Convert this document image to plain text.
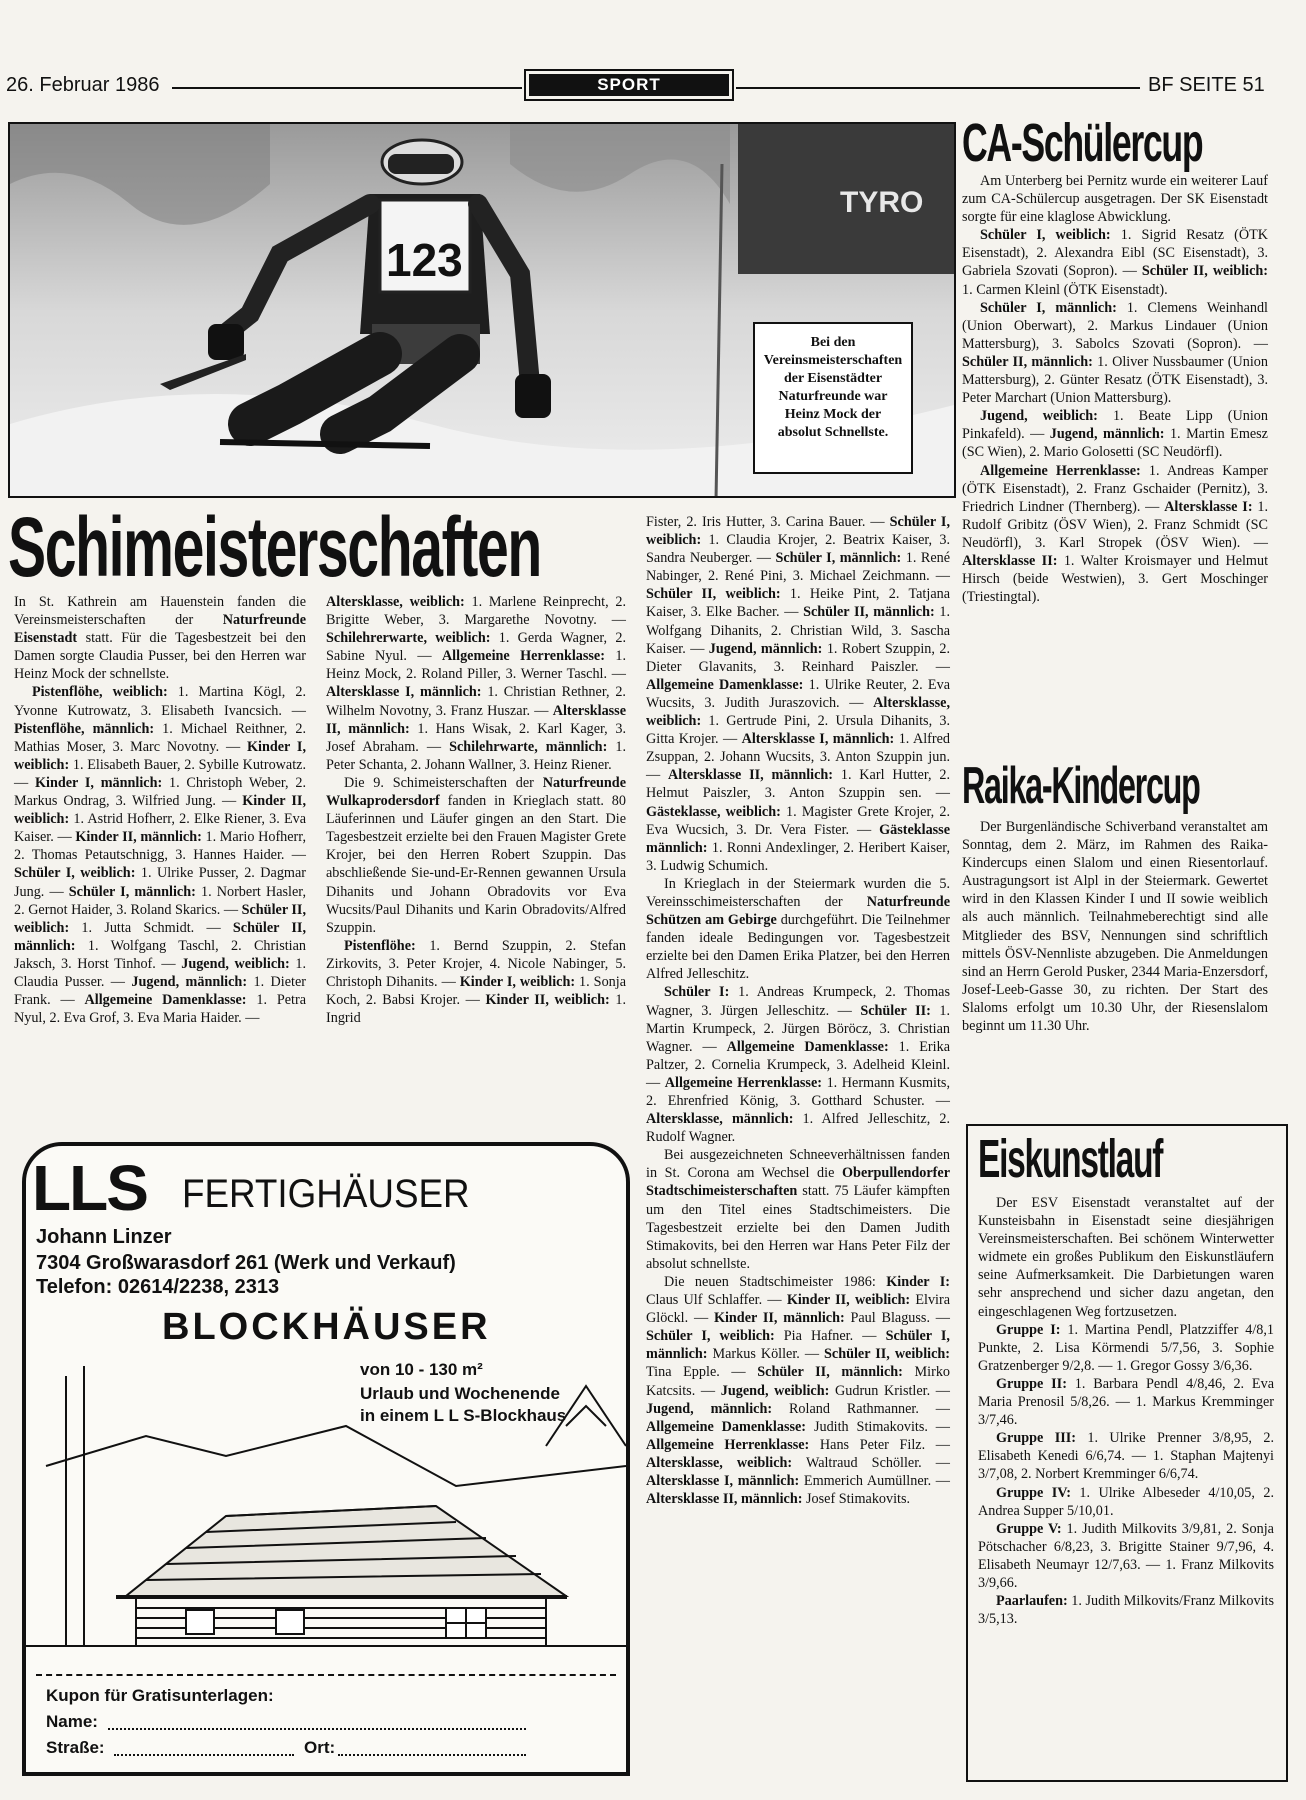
26. Februar 1986	SPORT	BF SEITE 51
TYRO
123
Bei den Vereinsmeisterschaften der Eisenstädter Naturfreunde war Heinz Mock der absolut Schnellste.
Schimeisterschaften

In St. Kathrein am Hauenstein fanden die Vereinsmeisterschaften der Naturfreunde Eisenstadt statt. Für die Tagesbestzeit bei den Damen sorgte Claudia Pusser, bei den Herren war Heinz Mock der schnellste.

Pistenflöhe, weiblich: 1. Martina Kögl, 2. Yvonne Kutrowatz, 3. Elisabeth Ivancsich. — Pistenflöhe, männlich: 1. Michael Reithner, 2. Mathias Moser, 3. Marc Novotny. — Kinder I, weiblich: 1. Elisabeth Bauer, 2. Sybille Kutrowatz. — Kinder I, männlich: 1. Christoph Weber, 2. Markus Ondrag, 3. Wilfried Jung. — Kinder II, weiblich: 1. Astrid Hofherr, 2. Elke Riener, 3. Eva Kaiser. — Kinder II, männlich: 1. Mario Hofherr, 2. Thomas Petautschnigg, 3. Hannes Haider. — Schüler I, weiblich: 1. Ulrike Pusser, 2. Dagmar Jung. — Schüler I, männlich: 1. Norbert Hasler, 2. Gernot Haider, 3. Roland Skarics. — Schüler II, weiblich: 1. Jutta Schmidt. — Schüler II, männlich: 1. Wolfgang Taschl, 2. Christian Jaksch, 3. Horst Tinhof. — Jugend, weiblich: 1. Claudia Pusser. — Jugend, männlich: 1. Dieter Frank. — Allgemeine Damenklasse: 1. Petra Nyul, 2. Eva Grof, 3. Eva Maria Haider. —

Altersklasse, weiblich: 1. Marlene Reinprecht, 2. Brigitte Weber, 3. Margarethe Novotny. — Schilehrerwarte, weiblich: 1. Gerda Wagner, 2. Sabine Nyul. — Allgemeine Herrenklasse: 1. Heinz Mock, 2. Roland Piller, 3. Werner Taschl. — Altersklasse I, männlich: 1. Christian Rethner, 2. Wilhelm Novotny, 3. Franz Huszar. — Altersklasse II, männlich: 1. Hans Wisak, 2. Karl Kager, 3. Josef Abraham. — Schilehrwarte, männlich: 1. Peter Schanta, 2. Johann Wallner, 3. Heinz Riener.

Die 9. Schimeisterschaften der Naturfreunde Wulkaprodersdorf fanden in Krieglach statt. 80 Läuferinnen und Läufer gingen an den Start. Die Tagesbestzeit erzielte bei den Frauen Magister Grete Krojer, bei den Herren Robert Szuppin. Das abschließende Sie-und-Er-Rennen gewannen Ursula Dihanits und Johann Obradovits vor Eva Wucsits/Paul Dihanits und Karin Obradovits/Alfred Szuppin.

Pistenflöhe: 1. Bernd Szuppin, 2. Stefan Zirkovits, 3. Peter Krojer, 4. Nicole Nabinger, 5. Christoph Dihanits. — Kinder I, weiblich: 1. Sonja Koch, 2. Babsi Krojer. — Kinder II, weiblich: 1. Ingrid

Fister, 2. Iris Hutter, 3. Carina Bauer. — Schüler I, weiblich: 1. Claudia Krojer, 2. Beatrix Kaiser, 3. Sandra Neuberger. — Schüler I, männlich: 1. René Nabinger, 2. René Pini, 3. Michael Zeichmann. — Schüler II, weiblich: 1. Heike Pint, 2. Tatjana Kaiser, 3. Elke Bacher. — Schüler II, männlich: 1. Wolfgang Dihanits, 2. Christian Wild, 3. Sascha Kaiser. — Jugend, männlich: 1. Robert Szuppin, 2. Dieter Glavanits, 3. Reinhard Paiszler. — Allgemeine Damenklasse: 1. Ulrike Reuter, 2. Eva Wucsits, 3. Judith Juraszovich. — Altersklasse, weiblich: 1. Gertrude Pini, 2. Ursula Dihanits, 3. Gitta Krojer. — Altersklasse I, männlich: 1. Alfred Zsuppan, 2. Johann Wucsits, 3. Anton Szuppin jun. — Altersklasse II, männlich: 1. Karl Hutter, 2. Helmut Paiszler, 3. Anton Szuppin sen. — Gästeklasse, weiblich: 1. Magister Grete Krojer, 2. Eva Wucsich, 3. Dr. Vera Fister. — Gästeklasse männlich: 1. Ronni Andexlinger, 2. Heribert Kaiser, 3. Ludwig Schumich.

In Krieglach in der Steiermark wurden die 5. Vereinsschimeisterschaften der Naturfreunde Schützen am Gebirge durchgeführt. Die Teilnehmer fanden ideale Bedingungen vor. Tagesbestzeit erzielte bei den Damen Erika Platzer, bei den Herren Alfred Jelleschitz.

Schüler I: 1. Andreas Krumpeck, 2. Thomas Wagner, 3. Jürgen Jelleschitz. — Schüler II: 1. Martin Krumpeck, 2. Jürgen Böröcz, 3. Christian Wagner. — Allgemeine Damenklasse: 1. Erika Paltzer, 2. Cornelia Krumpeck, 3. Adelheid Kleinl. — Allgemeine Herrenklasse: 1. Hermann Kusmits, 2. Ehrenfried König, 3. Gotthard Schuster. — Altersklasse, männlich: 1. Alfred Jelleschitz, 2. Rudolf Wagner.

Bei ausgezeichneten Schneeverhältnissen fanden in St. Corona am Wechsel die Oberpullendorfer Stadtschimeisterschaften statt. 75 Läufer kämpften um den Titel eines Stadtschimeisters. Die Tagesbestzeit erzielte bei den Damen Judith Stimakovits, bei den Herren war Hans Peter Filz der absolut schnellste.

Die neuen Stadtschimeister 1986: Kinder I: Claus Ulf Schlaffer. — Kinder II, weiblich: Elvira Glöckl. — Kinder II, männlich: Paul Blaguss. — Schüler I, weiblich: Pia Hafner. — Schüler I, männlich: Markus Köller. — Schüler II, weiblich: Tina Epple. — Schüler II, männlich: Mirko Katcsits. — Jugend, weiblich: Gudrun Kristler. — Jugend, männlich: Roland Rathmanner. — Allgemeine Damenklasse: Judith Stimakovits. — Allgemeine Herrenklasse: Hans Peter Filz. — Altersklasse, weiblich: Waltraud Schöller. — Altersklasse I, männlich: Emmerich Aumüllner. — Altersklasse II, männlich: Josef Stimakovits.

CA-Schülercup

Am Unterberg bei Pernitz wurde ein weiterer Lauf zum CA-Schülercup ausgetragen. Der SK Eisenstadt sorgte für eine klaglose Abwicklung.

Schüler I, weiblich: 1. Sigrid Resatz (ÖTK Eisenstadt), 2. Alexandra Eibl (SC Eisenstadt), 3. Gabriela Szovati (Sopron). — Schüler II, weiblich: 1. Carmen Kleinl (ÖTK Eisenstadt).

Schüler I, männlich: 1. Clemens Weinhandl (Union Oberwart), 2. Markus Lindauer (Union Mattersburg), 3. Sabolcs Szovati (Sopron). — Schüler II, männlich: 1. Oliver Nussbaumer (Union Mattersburg), 2. Günter Resatz (ÖTK Eisenstadt), 3. Peter Marchart (Union Mattersburg).

Jugend, weiblich: 1. Beate Lipp (Union Pinkafeld). — Jugend, männlich: 1. Martin Emesz (SC Wien), 2. Mario Golosetti (SC Neudörfl).

Allgemeine Herrenklasse: 1. Andreas Kamper (ÖTK Eisenstadt), 2. Franz Gschaider (Pernitz), 3. Friedrich Lindner (Thernberg). — Altersklasse I: 1. Rudolf Gribitz (ÖSV Wien), 2. Franz Schmidt (SC Neudörfl), 3. Karl Stropek (ÖSV Wien). — Altersklasse II: 1. Walter Kroismayer und Helmut Hirsch (beide Westwien), 3. Gert Moschinger (Triestingtal).

Raika-Kindercup

Der Burgenländische Schiverband veranstaltet am Sonntag, dem 2. März, im Rahmen des Raika-Kindercups einen Slalom und einen Riesentorlauf. Austragungsort ist Alpl in der Steiermark. Gewertet wird in den Klassen Kinder I und II sowie weiblich als auch männlich. Teilnahmeberechtigt sind alle Mitglieder des BSV, Nennungen sind schriftlich mittels ÖSV-Nennliste abzugeben. Die Anmeldungen sind an Herrn Gerold Pusker, 2344 Maria-Enzersdorf, Josef-Leeb-Gasse 30, zu richten. Der Start des Slaloms erfolgt um 10.30 Uhr, der Riesenslalom beginnt um 11.30 Uhr.

Eiskunstlauf

Der ESV Eisenstadt veranstaltet auf der Kunsteisbahn in Eisenstadt seine diesjährigen Vereinsmeisterschaften. Bei schönem Winterwetter widmete ein großes Publikum den Eiskunstläufern seine Aufmerksamkeit. Die Darbietungen waren sehr ansprechend und sicher dazu angetan, den eingeschlagenen Weg fortzusetzen.

Gruppe I: 1. Martina Pendl, Platzziffer 4/8,1 Punkte, 2. Lisa Körmendi 5/7,56, 3. Sophie Gratzenberger 9/2,8. — 1. Gregor Gossy 3/6,36.

Gruppe II: 1. Barbara Pendl 4/8,46, 2. Eva Maria Prenosil 5/8,26. — 1. Markus Kremminger 3/7,46.

Gruppe III: 1. Ulrike Prenner 3/8,95, 2. Elisabeth Kenedi 6/6,74. — 1. Staphan Majtenyi 3/7,08, 2. Norbert Kremminger 6/6,74.

Gruppe IV: 1. Ulrike Albeseder 4/10,05, 2. Andrea Supper 5/10,01.

Gruppe V: 1. Judith Milkovits 3/9,81, 2. Sonja Pötschacher 6/8,23, 3. Brigitte Stainer 9/7,96, 4. Elisabeth Neumayr 12/7,63. — 1. Franz Milkovits 3/9,66.

Paarlaufen: 1. Judith Milkovits/Franz Milkovits 3/5,13.

LLS FERTIGHÄUSER
Johann Linzer
7304 Großwarasdorf 261 (Werk und Verkauf)
Telefon: 02614/2238, 2313
BLOCKHÄUSER
von 10 - 130 m²
Urlaub und Wochenende
in einem L L S-Blockhaus
Kupon für Gratisunterlagen:
Name:
Straße:	Ort:
